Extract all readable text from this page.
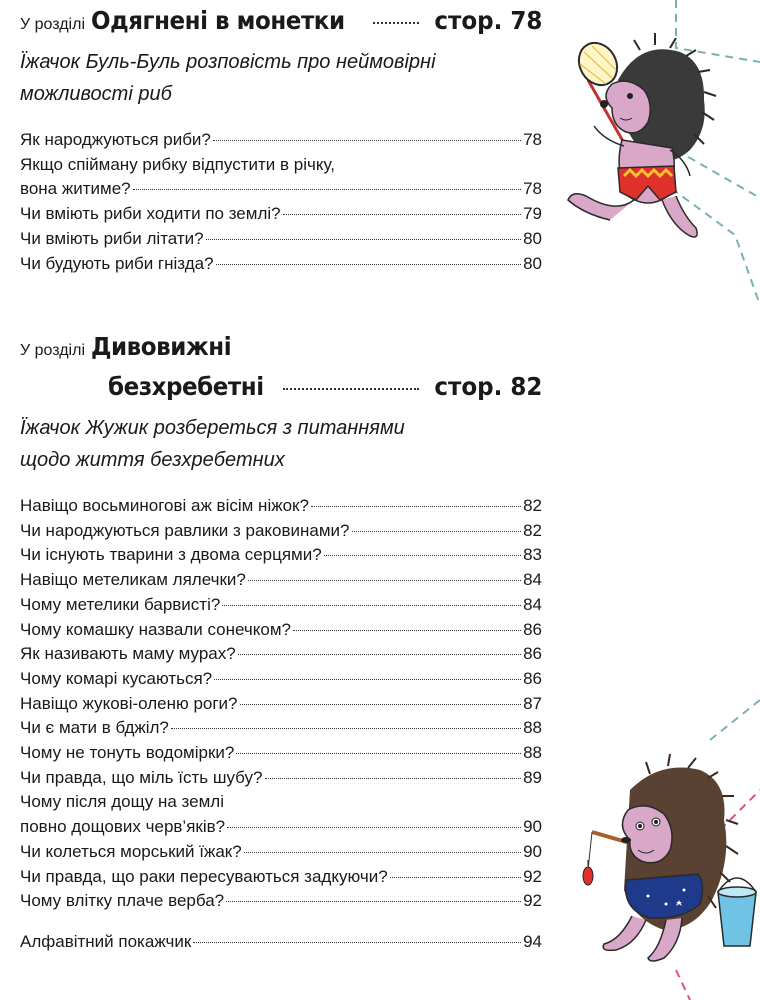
У розділі Одягнені в монетки	стор. 78

Їжачок Буль-Буль розповість про неймовірні можливості риб

Як народжуються риби?	78
Якщо спійману рибку відпустити в річку,
вона житиме?	78
Чи вміють риби ходити по землі?	79
Чи вміють риби літати?	80
Чи будують риби гнізда?	80
У розділі Дивовижні
безхребетні	стор. 82

Їжачок Жужик розбереться з питаннями щодо життя безхребетних

Навіщо восьминогові аж вісім ніжок?	82
Чи народжуються равлики з раковинами?	82
Чи існують тварини з двома серцями?	83
Навіщо метеликам лялечки?	84
Чому метелики барвисті?	84
Чому комашку назвали сонечком?	86
Як називають маму мурах?	86
Чому комарі кусаються?	86
Навіщо жукові-оленю роги?	87
Чи є мати в бджіл?	88
Чому не тонуть водомірки?	88
Чи правда, що міль їсть шубу?	89
Чому після дощу на землі
повно дощових черв’яків?	90
Чи колеться морський їжак?	90
Чи правда, що раки пересуваються задкуючи?	92
Чому влітку плаче верба?	92
Алфавітний покажчик	94
